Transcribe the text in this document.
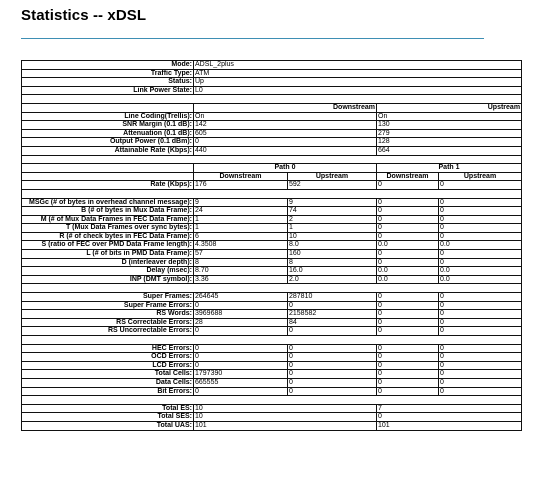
Statistics -- xDSL
Mode:	ADSL_2plus			
Traffic Type:	ATM			
Status:	Up			
Link Power State:	L0			

	Downstream		Upstream	
Line Coding(Trellis):	On		On	
SNR Margin (0.1 dB):	142		130	
Attenuation (0.1 dB):	605		279	
Output Power (0.1 dBm):	0		128	
Attainable Rate (Kbps):	440		664	

	Path 0		Path 1	
	Downstream	Upstream	Downstream	Upstream
Rate (Kbps):	176	592	0	0

MSGc (# of bytes in overhead channel message):	9	9	0	0
B (# of bytes in Mux Data Frame):	24	74	0	0
M (# of Mux Data Frames in FEC Data Frame):	1	2	0	0
T (Mux Data Frames over sync bytes):	1	1	0	0
R (# of check bytes in FEC Data Frame):	6	10	0	0
S (ratio of FEC over PMD Data Frame length):	4.3508	8.0	0.0	0.0
L (# of bits in PMD Data Frame):	57	160	0	0
D (interleaver depth):	8	8	0	0
Delay (msec):	8.70	16.0	0.0	0.0
INP (DMT symbol):	3.36	2.0	0.0	0.0

Super Frames:	264645	287810	0	0
Super Frame Errors:	0	0	0	0
RS Words:	3969688	2158582	0	0
RS Correctable Errors:	28	84	0	0
RS Uncorrectable Errors:	0	0	0	0

HEC Errors:	0	0	0	0
OCD Errors:	0	0	0	0
LCD Errors:	0	0	0	0
Total Cells:	1797390	0	0	0
Data Cells:	665555	0	0	0
Bit Errors:	0	0	0	0

Total ES:	10		7	
Total SES:	10		0	
Total UAS:	101		101	
